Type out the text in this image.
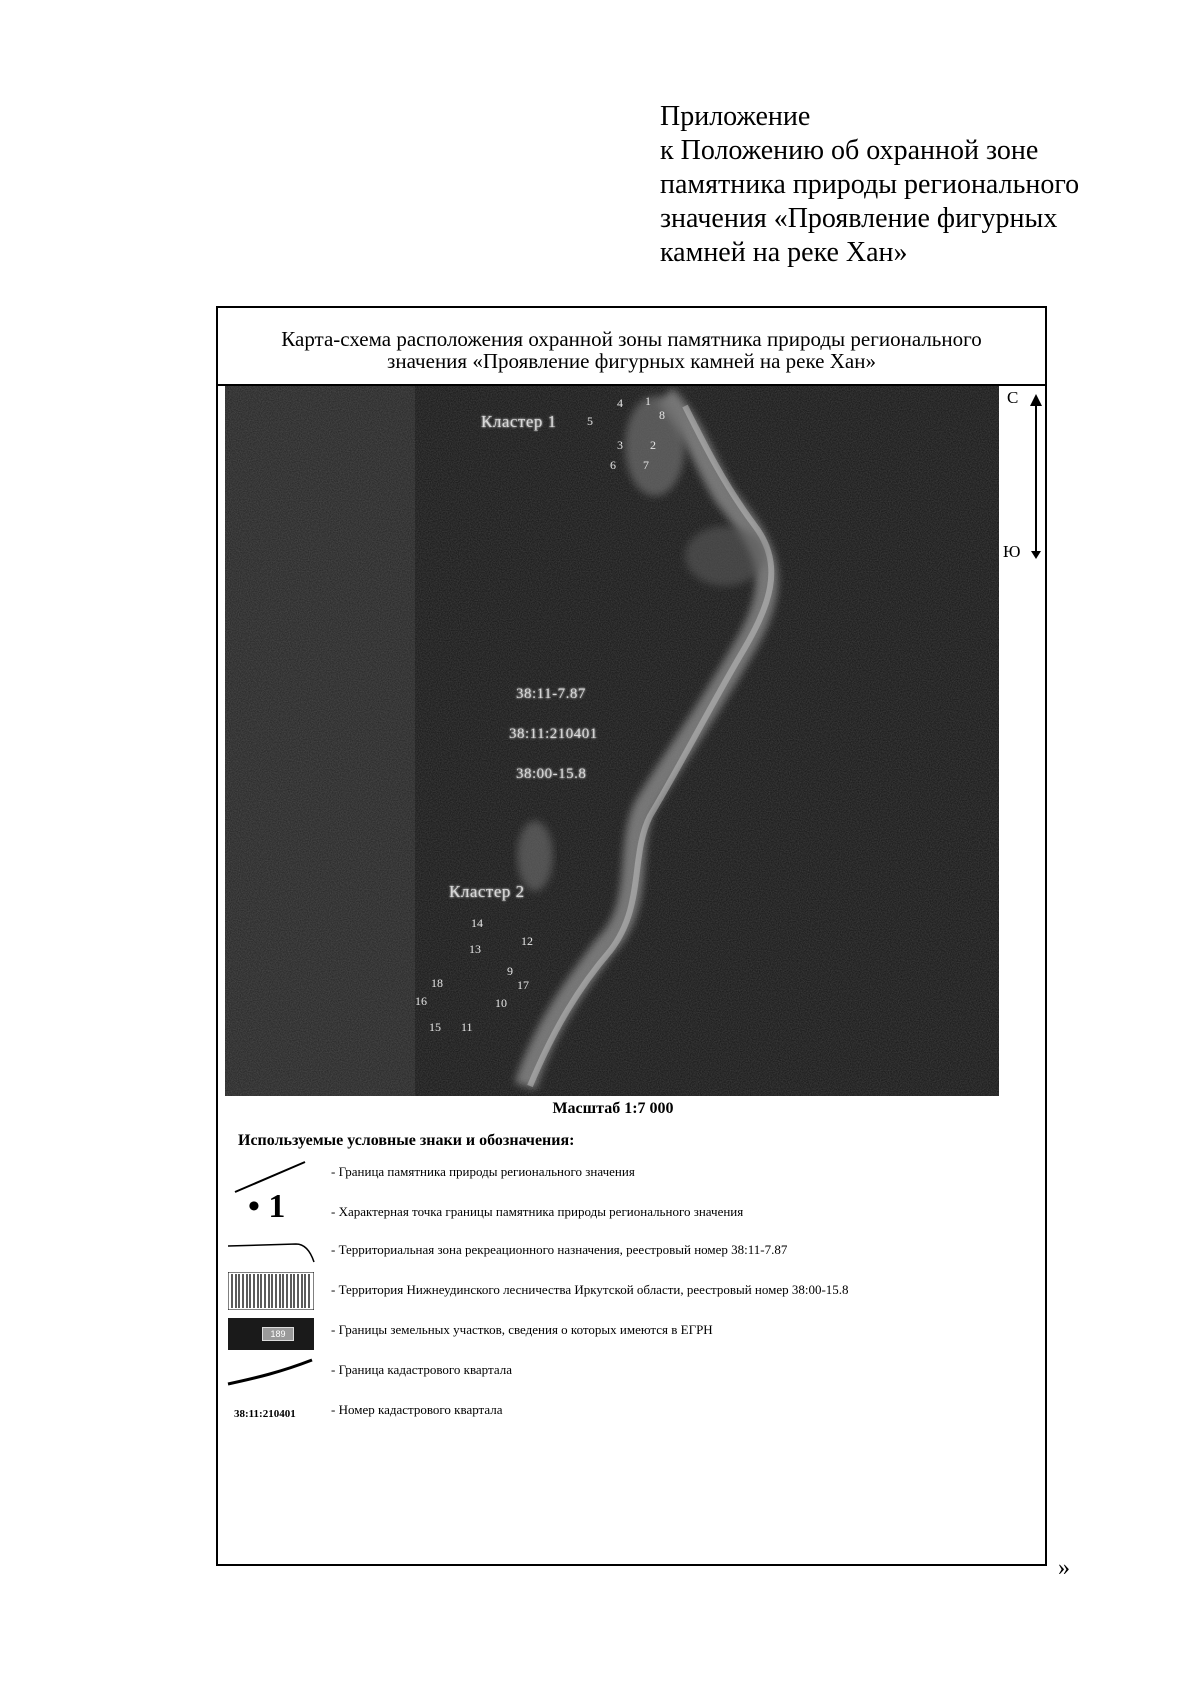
Приложение
к Положению об охранной зоне
памятника природы регионального
значения «Проявление фигурных
камней на реке Хан»
Карта-схема расположения охранной зоны памятника природы регионального
значения «Проявление фигурных камней на реке Хан»
Кластер 1
Кластер 2
38:11-7.87
38:11:210401
38:00-15.8
1
2
3
4
5
6 7
8
9
10
11
12
13
14
15
16
17
18
С
Ю
Масштаб 1:7 000
Используемые условные знаки и обозначения:
- Граница памятника природы регионального значения
• 1	- Характерная точка границы памятника природы регионального значения
- Территориальная зона рекреационного назначения, реестровый номер 38:11-7.87
- Территория Нижнеудинского лесничества Иркутской области, реестровый номер 38:00-15.8
189	- Границы земельных участков, сведения о которых имеются в ЕГРН
- Граница кадастрового квартала
38:11:210401	- Номер кадастрового квартала
»
